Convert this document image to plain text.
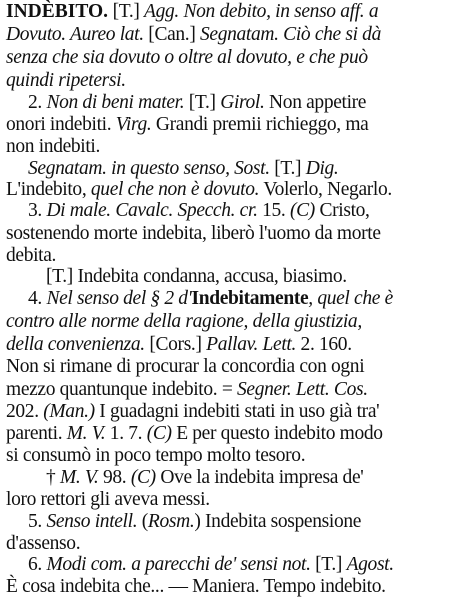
INDÈBITO. [T.] Agg. Non debito, in senso aff. a
Dovuto. Aureo lat. [Can.] Segnatam. Ciò che si dà
senza che sia dovuto o oltre al dovuto, e che può
quindi ripetersi.
2. Non di beni mater. [T.] Girol. Non appetire
onori indebiti. Virg. Grandi premii richieggo, ma
non indebiti.
Segnatam. in questo senso, Sost. [T.] Dig.
L'indebito, quel che non è dovuto. Volerlo, Negarlo.
3. Di male. Cavalc. Specch. cr. 15. (C) Cristo,
sostenendo morte indebita, liberò l'uomo da morte
debita.
[T.] Indebita condanna, accusa, biasimo.
4. Nel senso del § 2 d'Indebitamente, quel che è
contro alle norme della ragione, della giustizia,
della convenienza. [Cors.] Pallav. Lett. 2. 160.
Non si rimane di procurar la concordia con ogni
mezzo quantunque indebito. = Segner. Lett. Cos.
202. (Man.) I guadagni indebiti stati in uso già tra'
parenti. M. V. 1. 7. (C) E per questo indebito modo
si consumò in poco tempo molto tesoro.
† M. V. 98. (C) Ove la indebita impresa de'
loro rettori gli aveva messi.
5. Senso intell. (Rosm.) Indebita sospensione
d'assenso.
6. Modi com. a parecchi de' sensi not. [T.] Agost.
È cosa indebita che... — Maniera. Tempo indebito.
